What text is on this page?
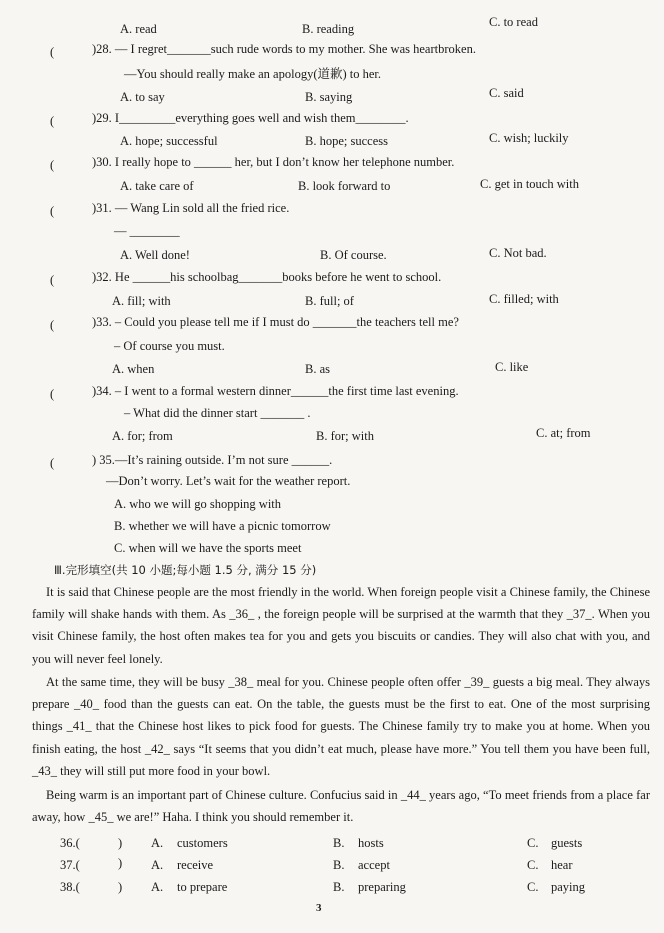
A. read	B. reading	C. to read
(	)28. — I regret_______such rude words to my mother. She was heartbroken.
—You should really make an apology(道歉) to her.
A. to say	B. saying	C. said
(	)29. I_________everything goes well and wish them________.
A. hope; successful	B. hope; success	C. wish; luckily
(	)30. I really hope to ______ her, but I don’t know her telephone number.
A. take care of	B. look forward to	C. get in touch with
(	)31. — Wang Lin sold all the fried rice.
— ________
A. Well done!	B. Of course.	C. Not bad.
(	)32. He ______his schoolbag_______books before he went to school.
A. fill; with	B. full; of	C. filled; with
(	)33. – Could you please tell me if I must do _______the teachers tell me?
– Of course you must.
A. when	B. as	C. like
(	)34. – I went to a formal western dinner______the first time last evening.
– What did the dinner start _______ .
A. for; from	B. for; with	C. at; from
(	) 35.—It’s raining outside. I’m not sure ______.
—Don’t worry. Let’s wait for the weather report.
A. who we will go shopping with
B. whether we will have a picnic tomorrow
C. when will we have the sports meet
Ⅲ.完形填空(共 10 小题;每小题 1.5 分, 满分 15 分)
It is said that Chinese people are the most friendly in the world. When foreign people visit a Chinese family, the Chinese family will shake hands with them. As _36_ , the foreign people will be surprised at the warmth that they _37_. When you visit Chinese family, the host often makes tea for you and gets you biscuits or candies. They will also chat with you, and you will never feel lonely.
At the same time, they will be busy _38_ meal for you. Chinese people often offer _39_ guests a big meal. They always prepare _40_ food than the guests can eat. On the table, the guests must be the first to eat. One of the most surprising things _41_ that the Chinese host likes to pick food for guests. The Chinese family try to make you at home. When you finish eating, the host _42_ says “It seems that you didn’t eat much, please have more.” You tell them you have been full, _43_ they will still put more food in your bowl.
Being warm is an important part of Chinese culture. Confucius said in _44_ years ago, “To meet friends from a place far away, how _45_ we are!” Haha. I think you should remember it.
36.(	) A. customers	B. hosts	C. guests
37.(	) A. receive	B. accept	C. hear
38.(	) A. to prepare	B. preparing	C. paying
3
